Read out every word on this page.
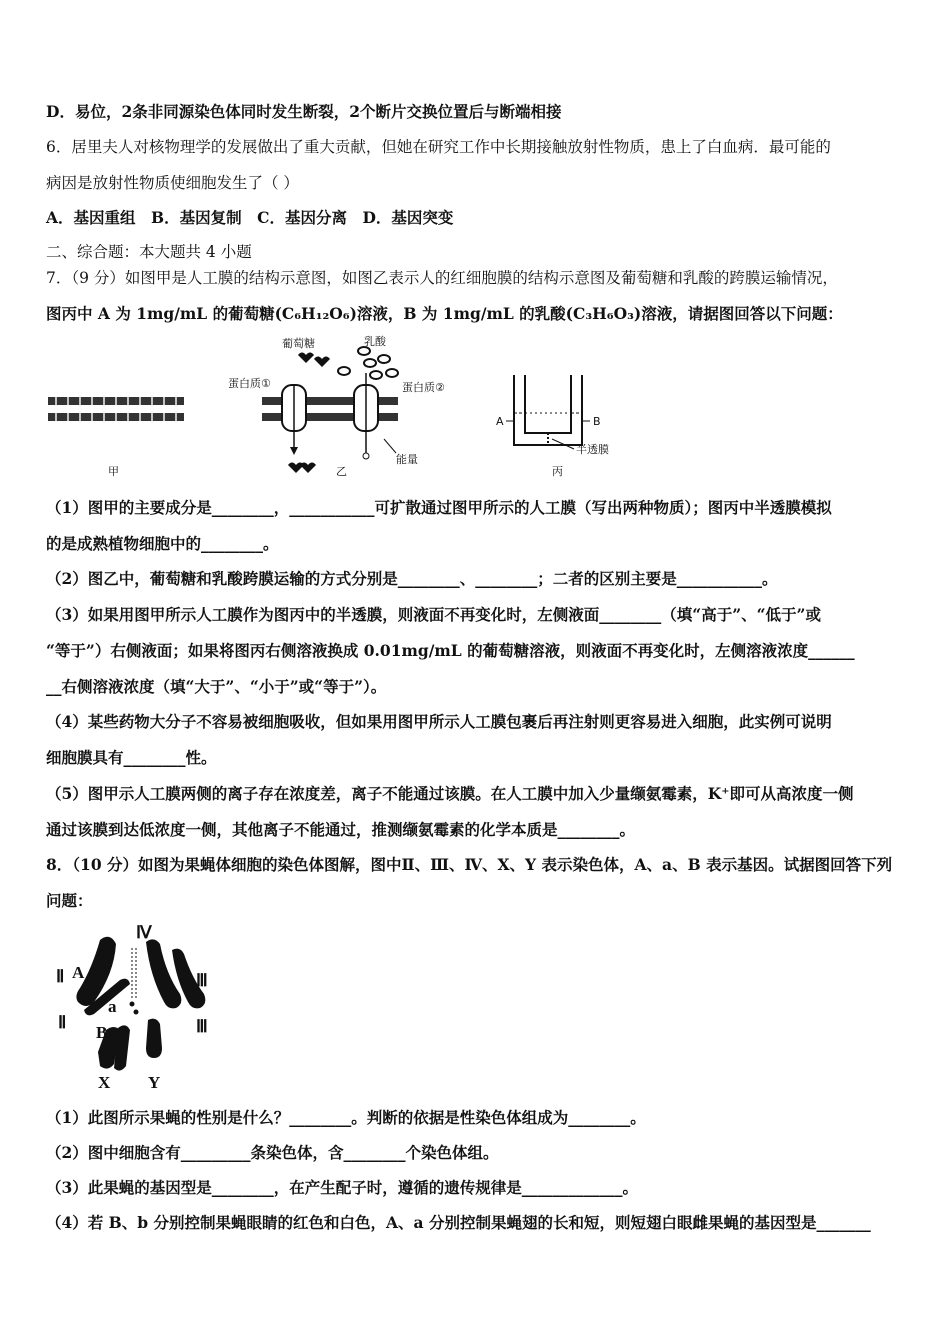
D．易位，2条非同源染色体同时发生断裂，2个断片交换位置后与断端相接
6．居里夫人对核物理学的发展做出了重大贡献，但她在研究工作中长期接触放射性物质，患上了白血病．最可能的
病因是放射性物质使细胞发生了（ ）
A．基因重组　B．基因复制　C．基因分离　D．基因突变
二、综合题：本大题共 4 小题
7．（9 分）如图甲是人工膜的结构示意图，如图乙表示人的红细胞膜的结构示意图及葡萄糖和乳酸的跨膜运输情况，
图丙中 A 为 1mg/mL 的葡萄糖(C₆H₁₂O₆)溶液，B 为 1mg/mL 的乳酸(C₃H₆O₃)溶液，请据图回答以下问题：
甲
葡萄糖	乳酸
蛋白质①	蛋白质②
能量
乙
A	B
半透膜
丙
（1）图甲的主要成分是________，___________可扩散通过图甲所示的人工膜（写出两种物质）；图丙中半透膜模拟
的是成熟植物细胞中的________。
（2）图乙中，葡萄糖和乳酸跨膜运输的方式分别是________、________；二者的区别主要是___________。
（3）如果用图甲所示人工膜作为图丙中的半透膜，则液面不再变化时，左侧液面________（填“高于”、“低于”或
“等于”）右侧液面；如果将图丙右侧溶液换成 0.01mg/mL 的葡萄糖溶液，则液面不再变化时，左侧溶液浓度______
__右侧溶液浓度（填“大于”、“小于”或“等于”）。
（4）某些药物大分子不容易被细胞吸收，但如果用图甲所示人工膜包裹后再注射则更容易进入细胞，此实例可说明
细胞膜具有________性。
（5）图甲示人工膜两侧的离子存在浓度差，离子不能通过该膜。在人工膜中加入少量缬氨霉素，K⁺即可从高浓度一侧
通过该膜到达低浓度一侧，其他离子不能通过，推测缬氨霉素的化学本质是________。
8．（10 分）如图为果蝇体细胞的染色体图解，图中Ⅱ、Ⅲ、Ⅳ、X、Y 表示染色体，A、a、B 表示基因。试据图回答下列
问题：
Ⅳ
Ⅱ
Ⅱ
Ⅲ
Ⅲ
A
a
B
X Y
（1）此图所示果蝇的性别是什么？________。判断的依据是性染色体组成为________。
（2）图中细胞含有_________条染色体，含________个染色体组。
（3）此果蝇的基因型是________，在产生配子时，遵循的遗传规律是_____________。
（4）若 B、b 分别控制果蝇眼睛的红色和白色，A、a 分别控制果蝇翅的长和短，则短翅白眼雌果蝇的基因型是_______
